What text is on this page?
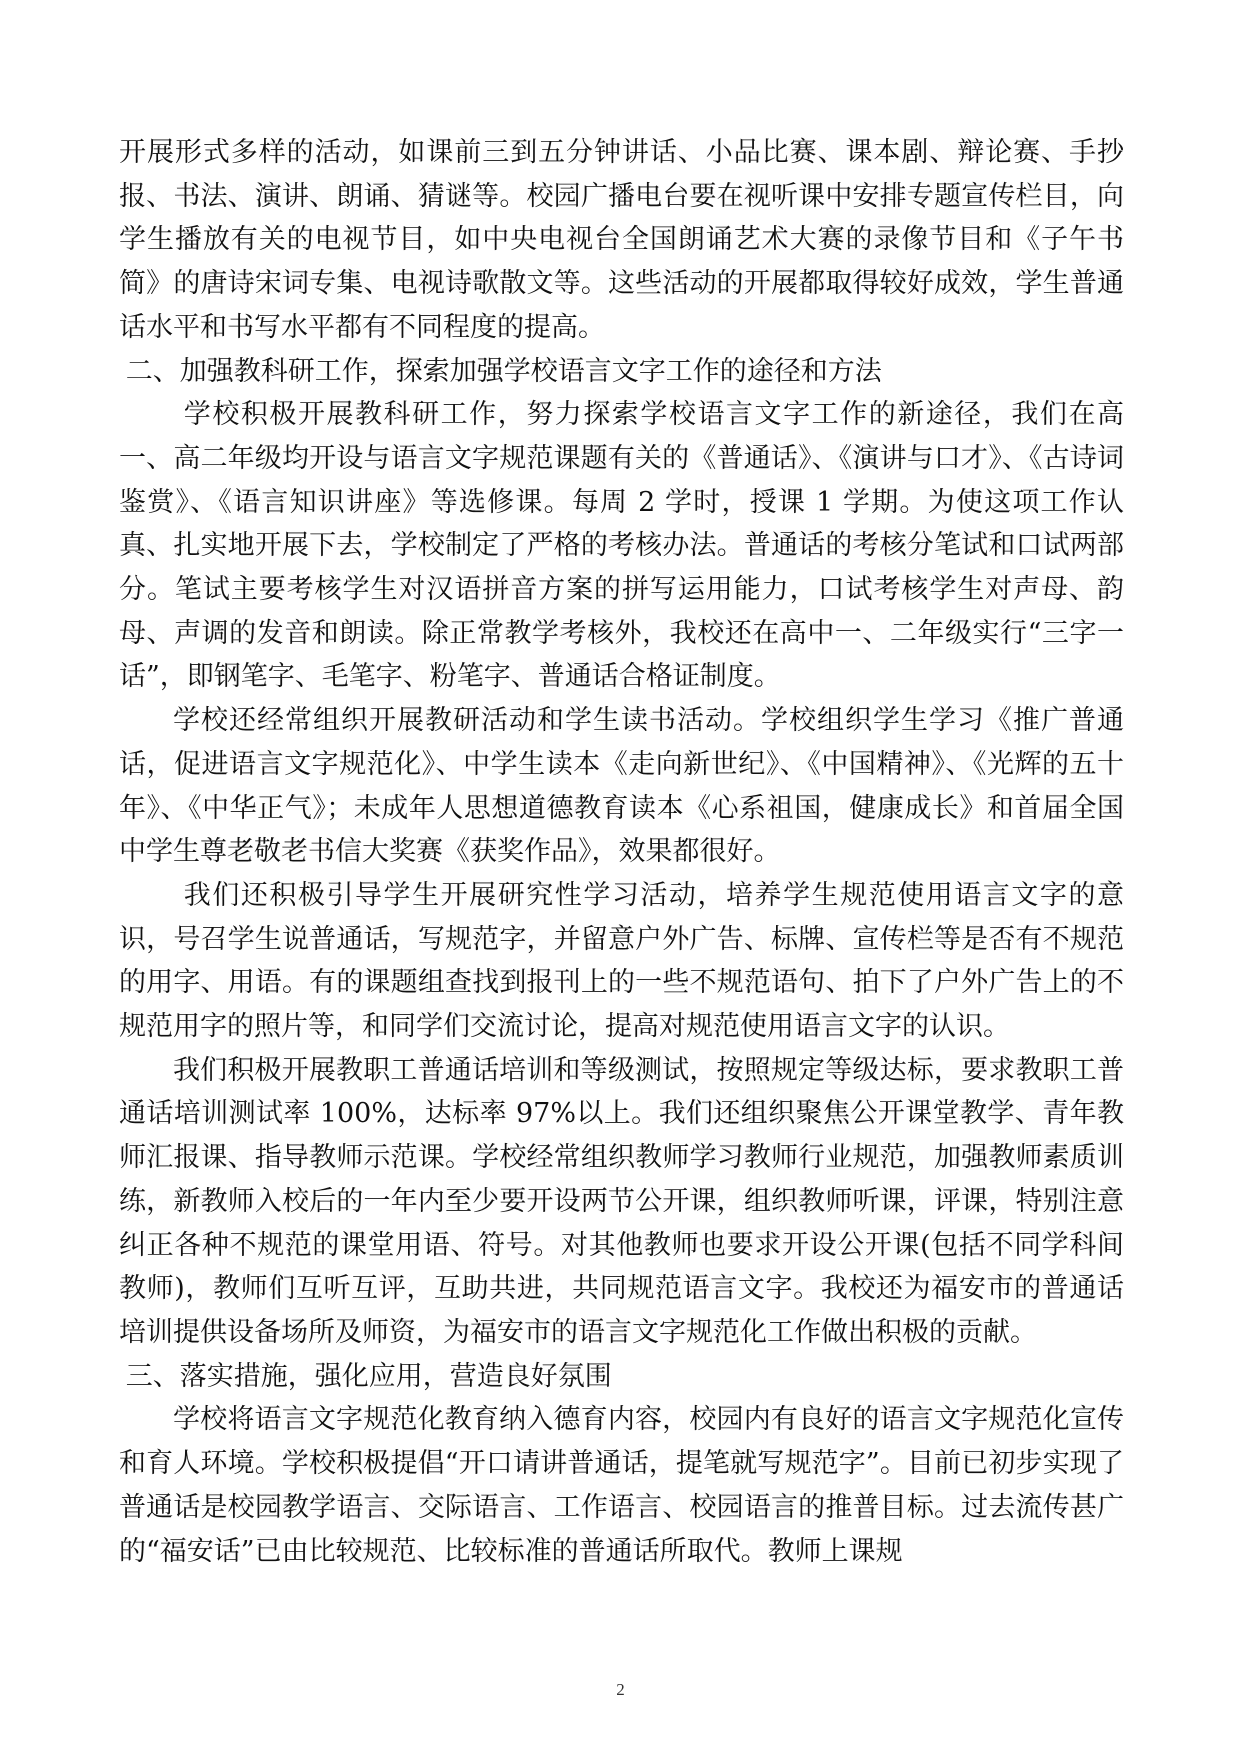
开展形式多样的活动，如课前三到五分钟讲话、小品比赛、课本剧、辩论赛、手抄报、书法、演讲、朗诵、猜谜等。校园广播电台要在视听课中安排专题宣传栏目，向学生播放有关的电视节目，如中央电视台全国朗诵艺术大赛的录像节目和《子午书简》的唐诗宋词专集、电视诗歌散文等。这些活动的开展都取得较好成效，学生普通话水平和书写水平都有不同程度的提高。

二、加强教科研工作，探索加强学校语言文字工作的途径和方法

学校积极开展教科研工作，努力探索学校语言文字工作的新途径，我们在高一、高二年级均开设与语言文字规范课题有关的《普通话》、《演讲与口才》、《古诗词鉴赏》、《语言知识讲座》等选修课。每周 2 学时，授课 1 学期。为使这项工作认真、扎实地开展下去，学校制定了严格的考核办法。普通话的考核分笔试和口试两部分。笔试主要考核学生对汉语拼音方案的拼写运用能力，口试考核学生对声母、韵母、声调的发音和朗读。除正常教学考核外，我校还在高中一、二年级实行“三字一话”，即钢笔字、毛笔字、粉笔字、普通话合格证制度。

学校还经常组织开展教研活动和学生读书活动。学校组织学生学习《推广普通话，促进语言文字规范化》、中学生读本《走向新世纪》、《中国精神》、《光辉的五十年》、《中华正气》；未成年人思想道德教育读本《心系祖国，健康成长》和首届全国中学生尊老敬老书信大奖赛《获奖作品》，效果都很好。

我们还积极引导学生开展研究性学习活动，培养学生规范使用语言文字的意识，号召学生说普通话，写规范字，并留意户外广告、标牌、宣传栏等是否有不规范的用字、用语。有的课题组查找到报刊上的一些不规范语句、拍下了户外广告上的不规范用字的照片等，和同学们交流讨论，提高对规范使用语言文字的认识。

我们积极开展教职工普通话培训和等级测试，按照规定等级达标，要求教职工普通话培训测试率 100%，达标率 97%以上。我们还组织聚焦公开课堂教学、青年教师汇报课、指导教师示范课。学校经常组织教师学习教师行业规范，加强教师素质训练，新教师入校后的一年内至少要开设两节公开课，组织教师听课，评课，特别注意纠正各种不规范的课堂用语、符号。对其他教师也要求开设公开课(包括不同学科间教师)，教师们互听互评，互助共进，共同规范语言文字。我校还为福安市的普通话培训提供设备场所及师资，为福安市的语言文字规范化工作做出积极的贡献。

三、落实措施，强化应用，营造良好氛围

学校将语言文字规范化教育纳入德育内容，校园内有良好的语言文字规范化宣传和育人环境。学校积极提倡“开口请讲普通话，提笔就写规范字”。目前已初步实现了普通话是校园教学语言、交际语言、工作语言、校园语言的推普目标。过去流传甚广的“福安话”已由比较规范、比较标准的普通话所取代。教师上课规

2
